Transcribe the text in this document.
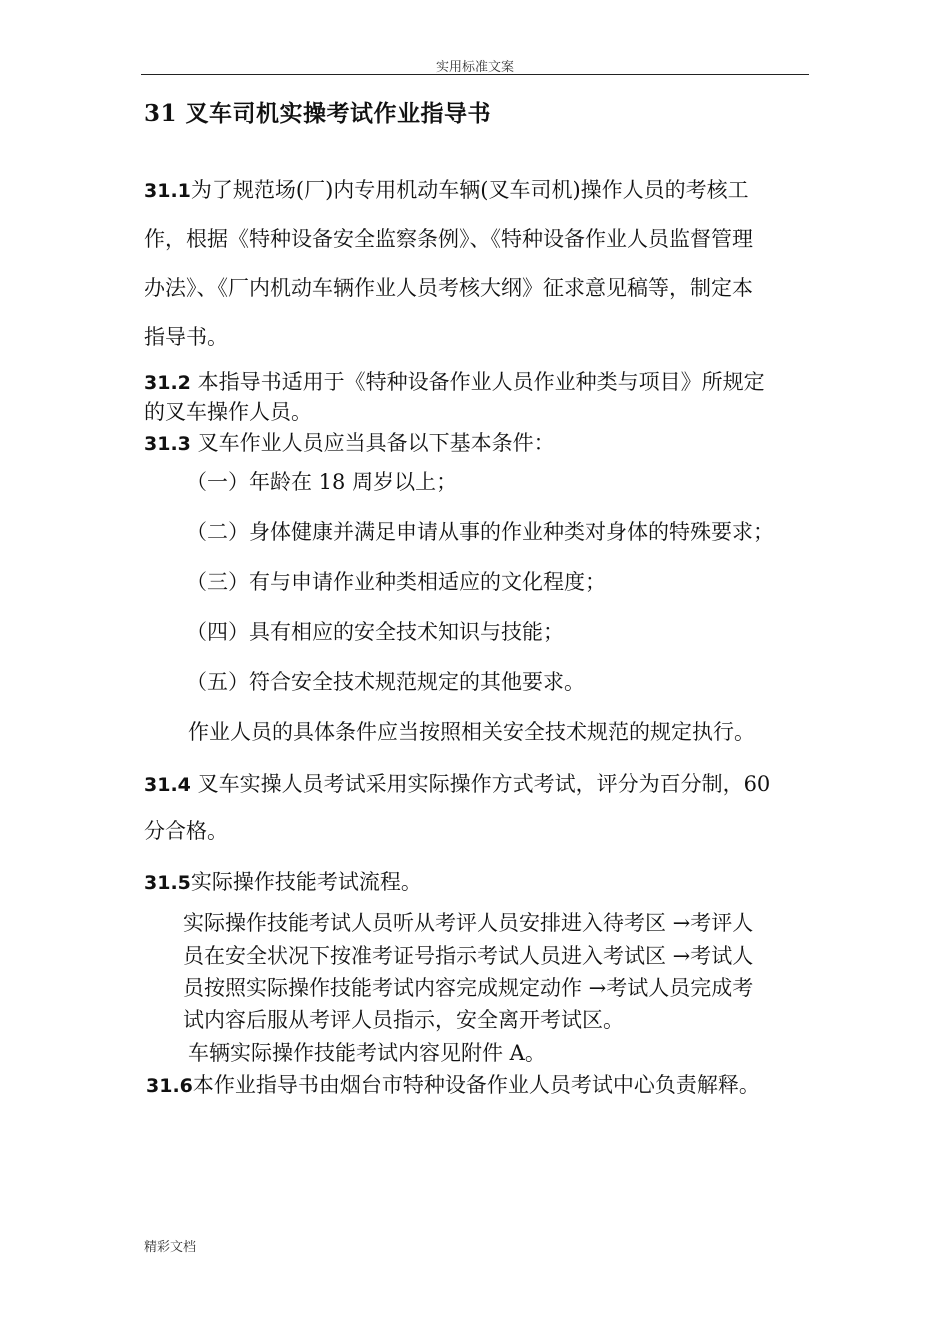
实用标准文案
31 叉车司机实操考试作业指导书
31.1为了规范场(厂)内专用机动车辆(叉车司机)操作人员的考核工
作，根据《特种设备安全监察条例》、《特种设备作业人员监督管理
办法》、《厂内机动车辆作业人员考核大纲》征求意见稿等，制定本
指导书。
31.2 本指导书适用于《特种设备作业人员作业种类与项目》所规定
的叉车操作人员。
31.3 叉车作业人员应当具备以下基本条件：
（一）年龄在 18 周岁以上；
（二）身体健康并满足申请从事的作业种类对身体的特殊要求；
（三）有与申请作业种类相适应的文化程度；
（四）具有相应的安全技术知识与技能；
（五）符合安全技术规范规定的其他要求。
作业人员的具体条件应当按照相关安全技术规范的规定执行。
31.4 叉车实操人员考试采用实际操作方式考试，评分为百分制，60
分合格。
31.5实际操作技能考试流程。
实际操作技能考试人员听从考评人员安排进入待考区 →考评人
员在安全状况下按准考证号指示考试人员进入考试区 →考试人
员按照实际操作技能考试内容完成规定动作 →考试人员完成考
试内容后服从考评人员指示，安全离开考试区。
车辆实际操作技能考试内容见附件 A。
31.6本作业指导书由烟台市特种设备作业人员考试中心负责解释。
精彩文档
